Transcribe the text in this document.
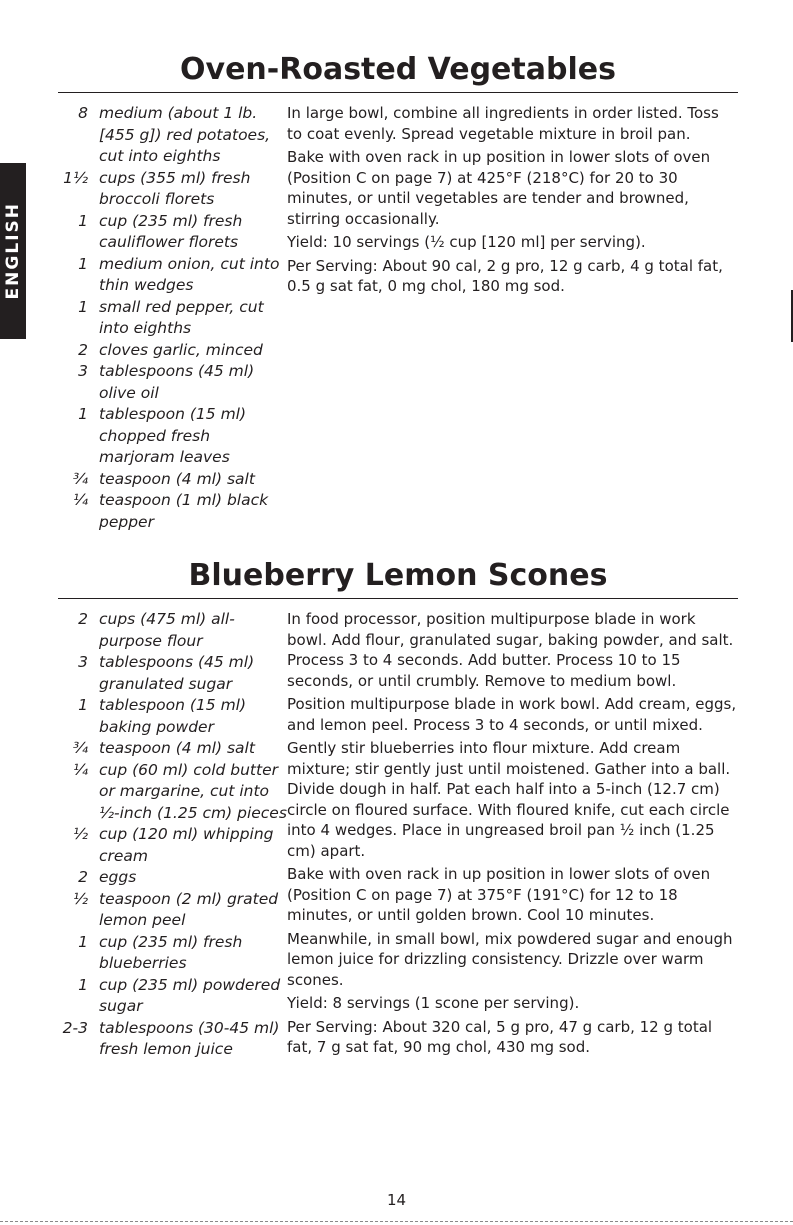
ENGLISH
Oven-Roasted Vegetables
8 medium (about 1 lb. [455 g]) red potatoes, cut into eighths
1½ cups (355 ml) fresh broccoli florets
1 cup (235 ml) fresh cauliflower florets
1 medium onion, cut into thin wedges
1 small red pepper, cut into eighths
2 cloves garlic, minced
3 tablespoons (45 ml) olive oil
1 tablespoon (15 ml) chopped fresh marjoram leaves
¾ teaspoon (4 ml) salt
¼ teaspoon (1 ml) black pepper

In large bowl, combine all ingredients in order listed. Toss to coat evenly. Spread vegetable mixture in broil pan.

Bake with oven rack in up position in lower slots of oven (Position C on page 7) at 425°F (218°C) for 20 to 30 minutes, or until vegetables are tender and browned, stirring occasionally.

Yield: 10 servings (½ cup [120 ml] per serving).

Per Serving: About 90 cal, 2 g pro, 12 g carb, 4 g total fat, 0.5 g sat fat, 0 mg chol, 180 mg sod.

Blueberry Lemon Scones
2 cups (475 ml) all-purpose flour
3 tablespoons (45 ml) granulated sugar
1 tablespoon (15 ml) baking powder
¾ teaspoon (4 ml) salt
¼ cup (60 ml) cold butter or margarine, cut into ½-inch (1.25 cm) pieces
½ cup (120 ml) whipping cream
2 eggs
½ teaspoon (2 ml) grated lemon peel
1 cup (235 ml) fresh blueberries
1 cup (235 ml) powdered sugar
2-3 tablespoons (30-45 ml) fresh lemon juice

In food processor, position multipurpose blade in work bowl. Add flour, granulated sugar, baking powder, and salt. Process 3 to 4 seconds. Add butter. Process 10 to 15 seconds, or until crumbly. Remove to medium bowl.

Position multipurpose blade in work bowl. Add cream, eggs, and lemon peel. Process 3 to 4 seconds, or until mixed.

Gently stir blueberries into flour mixture. Add cream mixture; stir gently just until moistened. Gather into a ball. Divide dough in half. Pat each half into a 5-inch (12.7 cm) circle on floured surface. With floured knife, cut each circle into 4 wedges. Place in ungreased broil pan ½ inch (1.25 cm) apart.

Bake with oven rack in up position in lower slots of oven (Position C on page 7) at 375°F (191°C) for 12 to 18 minutes, or until golden brown. Cool 10 minutes.

Meanwhile, in small bowl, mix powdered sugar and enough lemon juice for drizzling consistency. Drizzle over warm scones.

Yield: 8 servings (1 scone per serving).

Per Serving: About 320 cal, 5 g pro, 47 g carb, 12 g total fat, 7 g sat fat, 90 mg chol, 430 mg sod.

14
